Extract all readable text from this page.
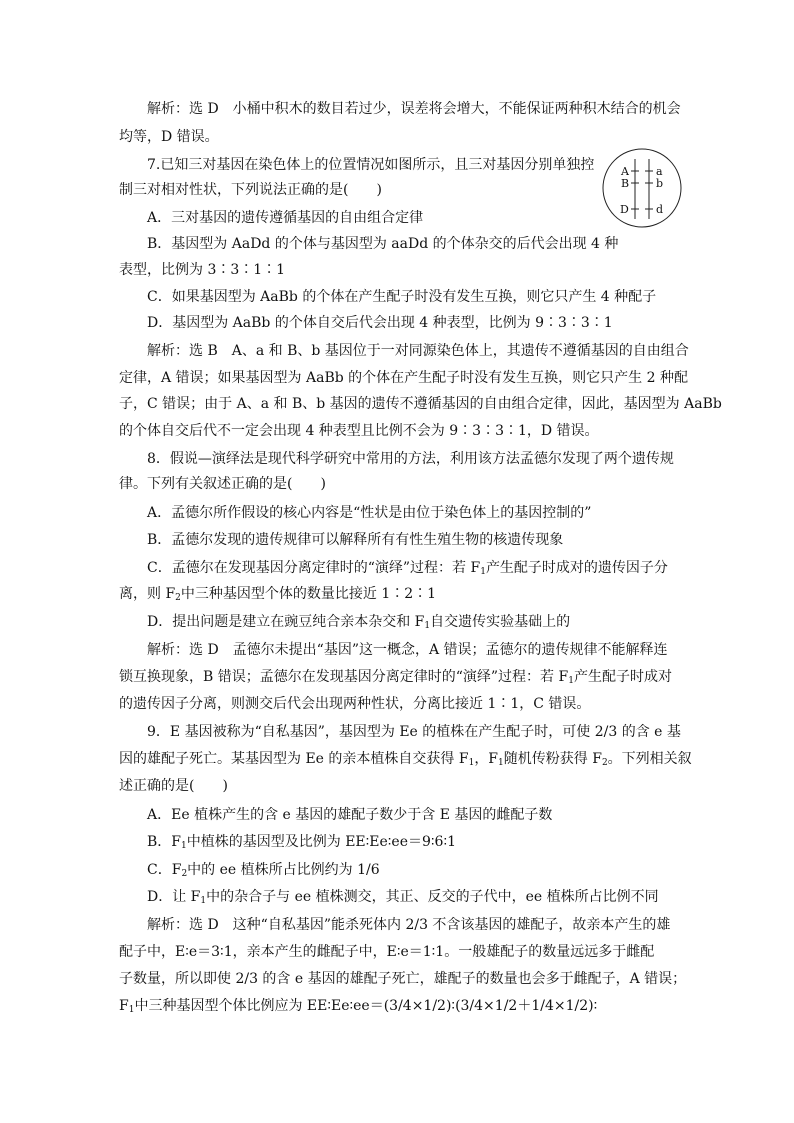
解析：选 D　小桶中积木的数目若过少，误差将会增大，不能保证两种积木结合的机会
均等，D 错误。
7.已知三对基因在染色体上的位置情况如图所示，且三对基因分别单独控
制三对相对性状，下列说法正确的是(　　)
A．三对基因的遗传遵循基因的自由组合定律
B．基因型为 AaDd 的个体与基因型为 aaDd 的个体杂交的后代会出现 4 种
表型，比例为 3∶3∶1∶1
C．如果基因型为 AaBb 的个体在产生配子时没有发生互换，则它只产生 4 种配子
D．基因型为 AaBb 的个体自交后代会出现 4 种表型，比例为 9∶3∶3∶1
A
B
D
a
b
d
解析：选 B　A、a 和 B、b 基因位于一对同源染色体上，其遗传不遵循基因的自由组合
定律，A 错误；如果基因型为 AaBb 的个体在产生配子时没有发生互换，则它只产生 2 种配
子，C 错误；由于 A、a 和 B、b 基因的遗传不遵循基因的自由组合定律，因此，基因型为 AaBb
的个体自交后代不一定会出现 4 种表型且比例不会为 9∶3∶3∶1，D 错误。
8．假说—演绎法是现代科学研究中常用的方法，利用该方法孟德尔发现了两个遗传规
律。下列有关叙述正确的是(　　)
A．孟德尔所作假设的核心内容是“性状是由位于染色体上的基因控制的”
B．孟德尔发现的遗传规律可以解释所有有性生殖生物的核遗传现象
C．孟德尔在发现基因分离定律时的“演绎”过程：若 $F_1$产生配子时成对的遗传因子分
离，则 $F_2$中三种基因型个体的数量比接近 1∶2∶1
D．提出问题是建立在豌豆纯合亲本杂交和 $F_1$自交遗传实验基础上的
解析：选 D　孟德尔未提出“基因”这一概念，A 错误；孟德尔的遗传规律不能解释连
锁互换现象，B 错误；孟德尔在发现基因分离定律时的“演绎”过程：若 $F_1$产生配子时成对
的遗传因子分离，则测交后代会出现两种性状，分离比接近 1∶1，C 错误。
9．E 基因被称为“自私基因”，基因型为 Ee 的植株在产生配子时，可使 2/3 的含 e 基
因的雄配子死亡。某基因型为 Ee 的亲本植株自交获得 $F_1$，$F_1$随机传粉获得 $F_2$。下列相关叙
述正确的是(　　)
A．Ee 植株产生的含 e 基因的雄配子数少于含 E 基因的雌配子数
B．$F_1$中植株的基因型及比例为 EE∶Ee∶ee＝9∶6∶1
C．$F_2$中的 ee 植株所占比例约为 1/6
D．让 $F_1$中的杂合子与 ee 植株测交，其正、反交的子代中，ee 植株所占比例不同
解析：选 D　这种“自私基因”能杀死体内 2/3 不含该基因的雄配子，故亲本产生的雄
配子中，E∶e＝3∶1，亲本产生的雌配子中，E∶e＝1∶1。一般雄配子的数量远远多于雌配
子数量，所以即使 2/3 的含 e 基因的雄配子死亡，雄配子的数量也会多于雌配子，A 错误；
$F_1$中三种基因型个体比例应为 EE∶Ee∶ee＝(3/4×1/2)∶(3/4×1/2＋1/4×1/2)∶
